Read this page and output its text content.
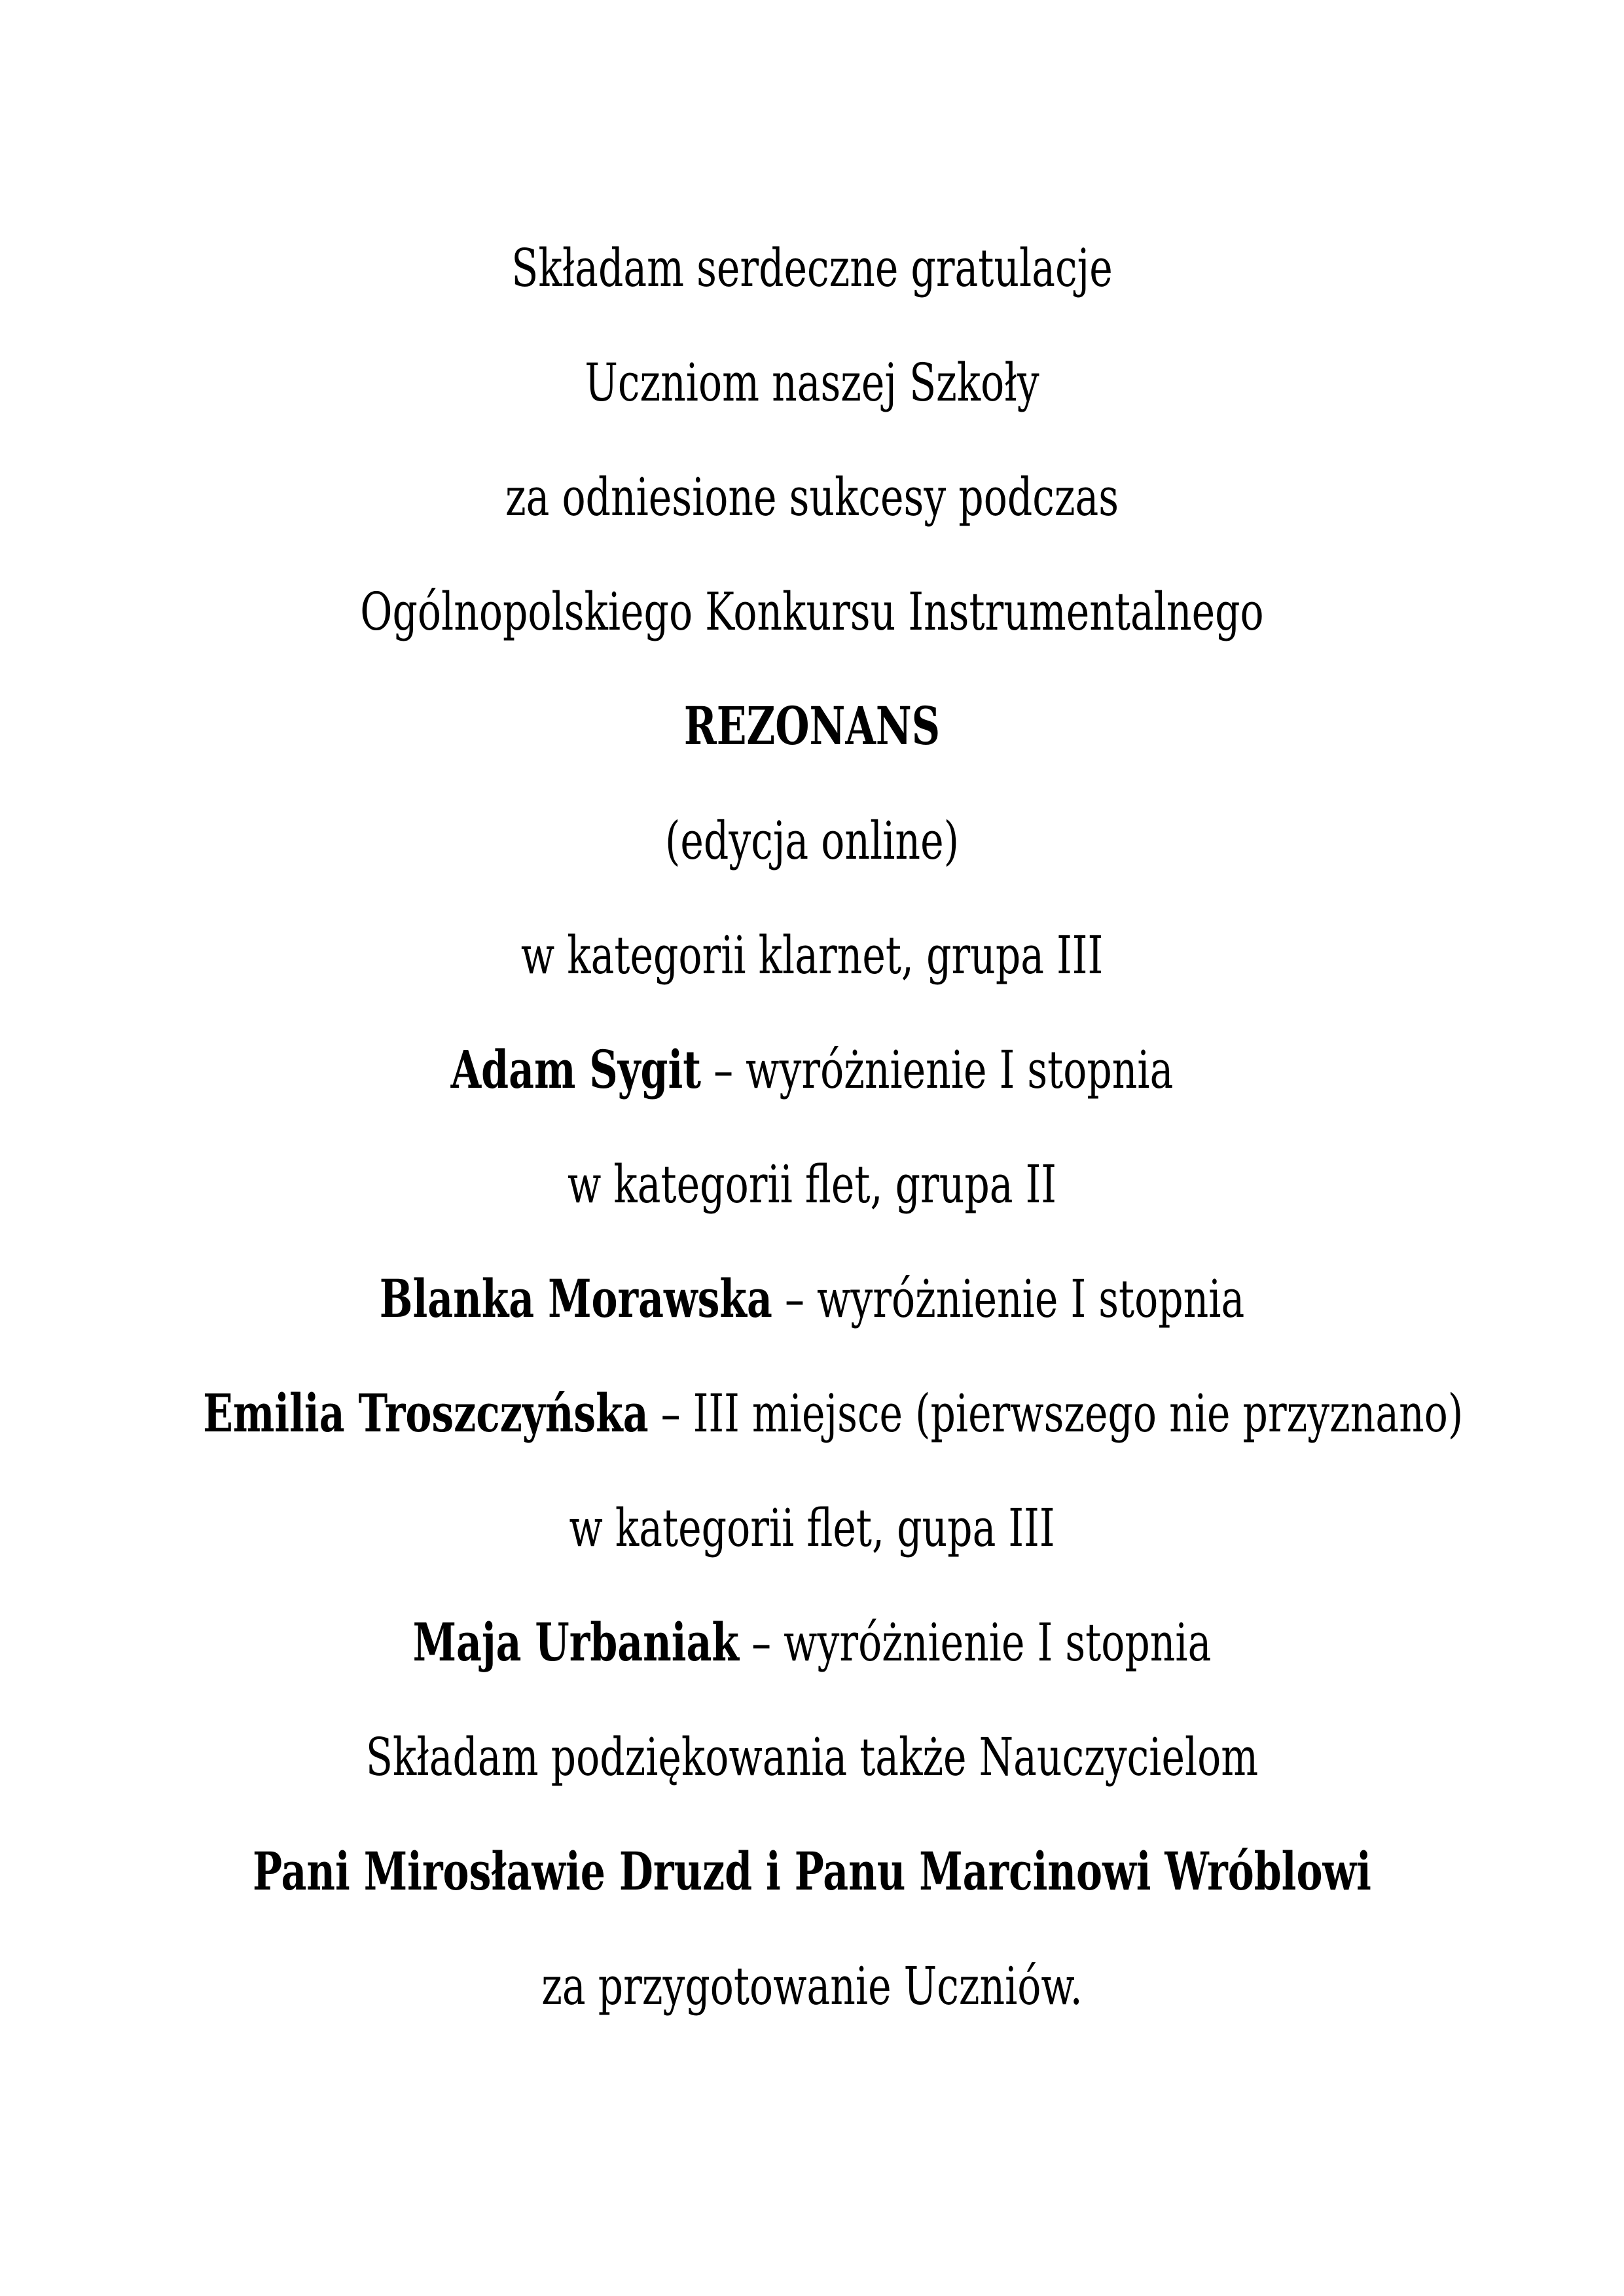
Składam serdeczne gratulacje
Uczniom naszej Szkoły
za odniesione sukcesy podczas
Ogólnopolskiego Konkursu Instrumentalnego
REZONANS
(edycja online)
w kategorii klarnet, grupa III
Adam Sygit – wyróżnienie I stopnia
w kategorii flet, grupa II
Blanka Morawska – wyróżnienie I stopnia
Emilia Troszczyńska – III miejsce (pierwszego nie przyznano)
w kategorii flet, gupa III
Maja Urbaniak – wyróżnienie I stopnia
Składam podziękowania także Nauczycielom
Pani Mirosławie Druzd i Panu Marcinowi Wróblowi
za przygotowanie Uczniów.
